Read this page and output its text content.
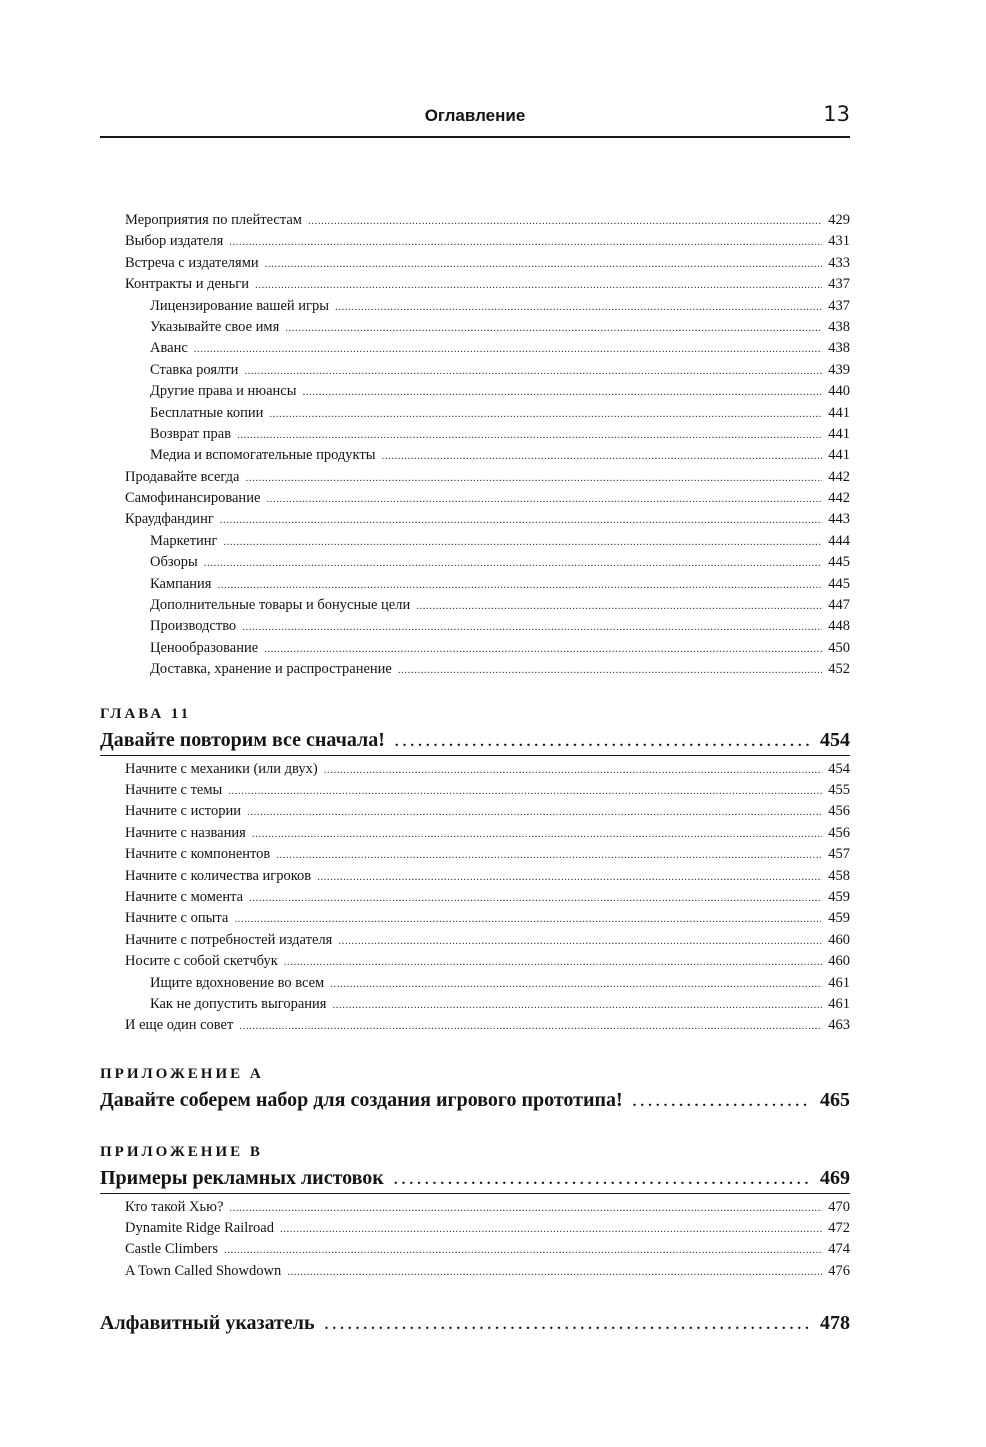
Оглавление	13
Мероприятия по плейтестам .....	429
Выбор издателя .....	431
Встреча с издателями .....	433
Контракты и деньги .....	437
Лицензирование вашей игры .....	437
Указывайте свое имя .....	438
Аванс .....	438
Ставка роялти .....	439
Другие права и нюансы .....	440
Бесплатные копии .....	441
Возврат прав .....	441
Медиа и вспомогательные продукты .....	441
Продавайте всегда .....	442
Самофинансирование .....	442
Краудфандинг .....	443
Маркетинг .....	444
Обзоры .....	445
Кампания .....	445
Дополнительные товары и бонусные цели .....	447
Производство .....	448
Ценообразование .....	450
Доставка, хранение и распространение .....	452
ГЛАВА 11
Давайте повторим все сначала! .....	454
Начните с механики (или двух) .....	454
Начните с темы .....	455
Начните с истории .....	456
Начните с названия .....	456
Начните с компонентов .....	457
Начните с количества игроков .....	458
Начните с момента .....	459
Начните с опыта .....	459
Начните с потребностей издателя .....	460
Носите с собой скетчбук .....	460
Ищите вдохновение во всем .....	461
Как не допустить выгорания .....	461
И еще один совет .....	463
ПРИЛОЖЕНИЕ А
Давайте соберем набор для создания игрового прототипа! .....	465
ПРИЛОЖЕНИЕ В
Примеры рекламных листовок .....	469
Кто такой Хью? .....	470
Dynamite Ridge Railroad .....	472
Castle Climbers .....	474
A Town Called Showdown .....	476
Алфавитный указатель .....	478
